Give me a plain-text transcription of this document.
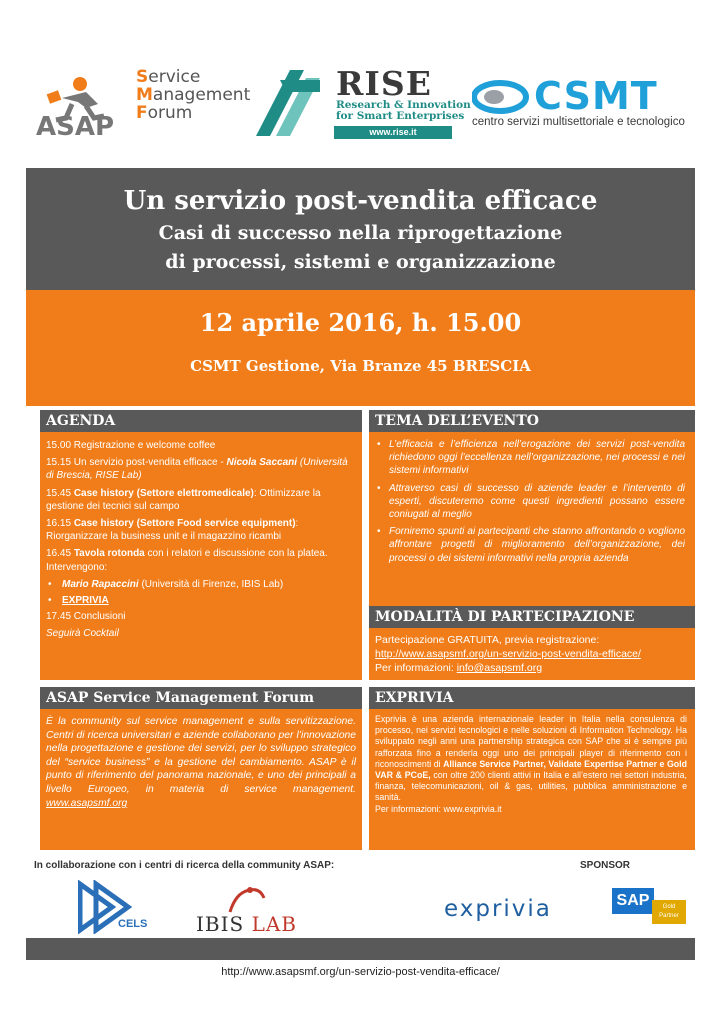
ASAP
Service
Management
Forum
RISE
Research & Innovation
for Smart Enterprises
www.rise.it
CSMT
centro servizi multisettoriale e tecnologico
Un servizio post-vendita efficace
Casi di successo nella riprogettazione
di processi, sistemi e organizzazione
12 aprile 2016, h. 15.00
CSMT Gestione, Via Branze 45 BRESCIA
AGENDA

15.00 Registrazione e welcome coffee

15.15 Un servizio post-vendita efficace - Nicola Saccani (Università di Brescia, RISE Lab)

15.45 Case history (Settore elettromedicale): Ottimizzare la gestione dei tecnici sul campo

16.15 Case history (Settore Food service equipment): Riorganizzare la business unit e il magazzino ricambi

16.45 Tavola rotonda con i relatori e discussione con la platea. Intervengono:

• Mario Rapaccini (Università di Firenze, IBIS Lab)

• EXPRIVIA

17.45 Conclusioni

Seguirà Cocktail

TEMA DELL’EVENTO
• L’efficacia e l’efficienza nell’erogazione dei servizi post-vendita richiedono oggi l’eccellenza nell’organizzazione, nei processi e nei sistemi informativi
• Attraverso casi di successo di aziende leader e l’intervento di esperti, discuteremo come questi ingredienti possano essere coniugati al meglio
• Forniremo spunti ai partecipanti che stanno affrontando o vogliono affrontare progetti di miglioramento dell’organizzazione, dei processi o dei sistemi informativi nella propria azienda
MODALITÀ DI PARTECIPAZIONE
Partecipazione GRATUITA, previa registrazione:
http://www.asapsmf.org/un-servizio-post-vendita-efficace/
Per informazioni: info@asapsmf.org
ASAP Service Management Forum
È la community sul service management e sulla servitizzazione. Centri di ricerca universitari e aziende collaborano per l’innovazione nella progettazione e gestione dei servizi, per lo sviluppo strategico del “service business” e la gestione del cambiamento. ASAP è il punto di riferimento del panorama nazionale, e uno dei principali a livello Europeo, in materia di service management. www.asapsmf.org
EXPRIVIA
Exprivia è una azienda internazionale leader in Italia nella consulenza di processo, nei servizi tecnologici e nelle soluzioni di Information Technology. Ha sviluppato negli anni una partnership strategica con SAP che si è sempre più rafforzata fino a renderla oggi uno dei principali player di riferimento con i riconoscimenti di Alliance Service Partner, Validate Expertise Partner e Gold VAR & PCoE, con oltre 200 clienti attivi in Italia e all’estero nei settori industria, finanza, telecomunicazioni, oil & gas, utilities, pubblica amministrazione e sanità.
Per informazioni: www.exprivia.it
In collaborazione con i centri di ricerca della community ASAP:	SPONSOR
CELS IBIS LAB
exprivia	SAP	Gold
Partner
http://www.asapsmf.org/un-servizio-post-vendita-efficace/
